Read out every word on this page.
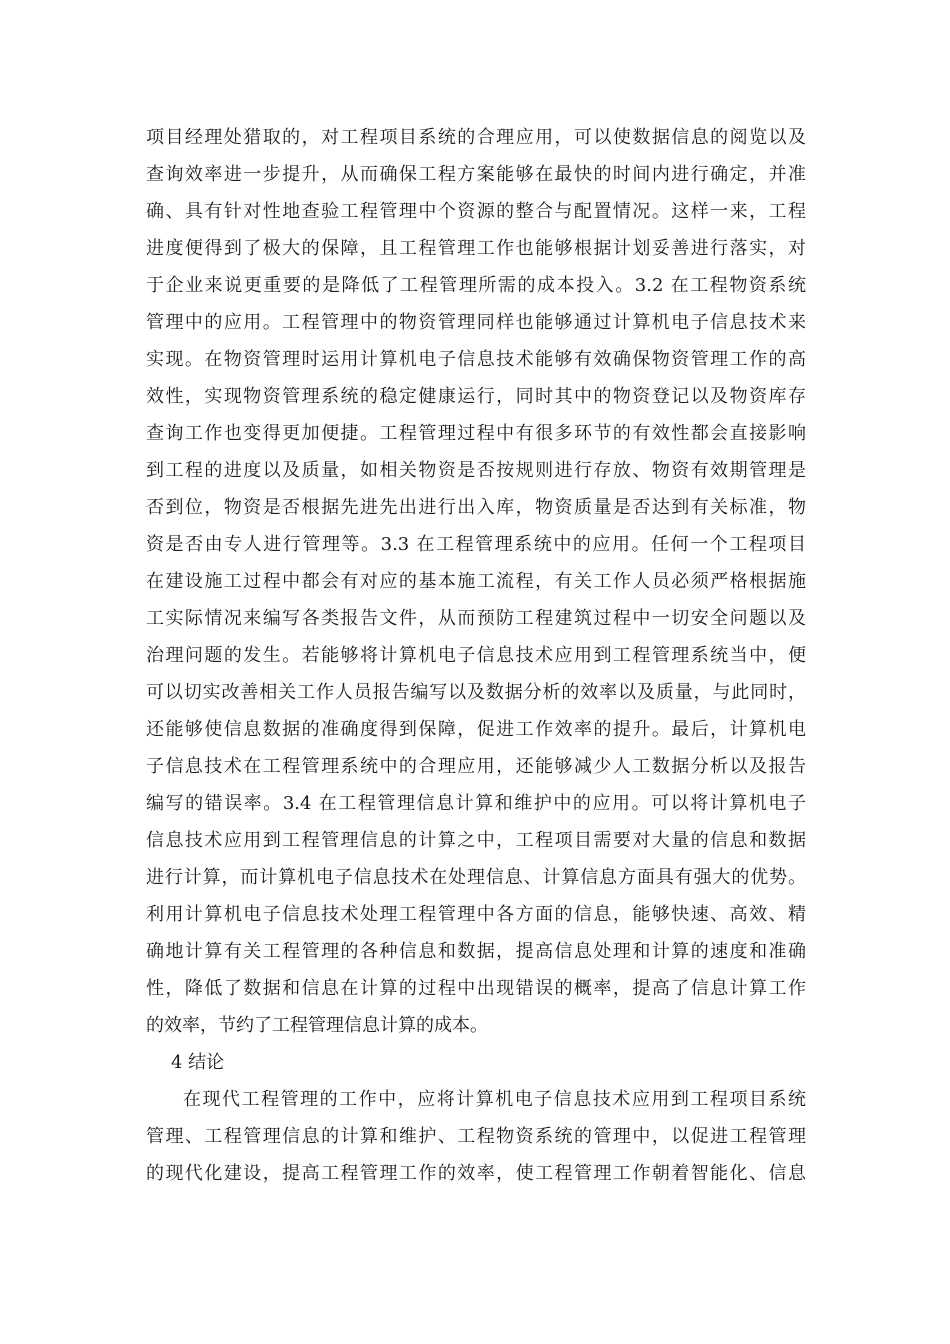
项目经理处猎取的，对工程项目系统的合理应用，可以使数据信息的阅览以及
查询效率进一步提升，从而确保工程方案能够在最快的时间内进行确定，并准
确、具有针对性地查验工程管理中个资源的整合与配置情况。这样一来，工程
进度便得到了极大的保障，且工程管理工作也能够根据计划妥善进行落实，对
于企业来说更重要的是降低了工程管理所需的成本投入。3.2 在工程物资系统
管理中的应用。工程管理中的物资管理同样也能够通过计算机电子信息技术来
实现。在物资管理时运用计算机电子信息技术能够有效确保物资管理工作的高
效性，实现物资管理系统的稳定健康运行，同时其中的物资登记以及物资库存
查询工作也变得更加便捷。工程管理过程中有很多环节的有效性都会直接影响
到工程的进度以及质量，如相关物资是否按规则进行存放、物资有效期管理是
否到位，物资是否根据先进先出进行出入库，物资质量是否达到有关标准，物
资是否由专人进行管理等。3.3 在工程管理系统中的应用。任何一个工程项目
在建设施工过程中都会有对应的基本施工流程，有关工作人员必须严格根据施
工实际情况来编写各类报告文件，从而预防工程建筑过程中一切安全问题以及
治理问题的发生。若能够将计算机电子信息技术应用到工程管理系统当中，便
可以切实改善相关工作人员报告编写以及数据分析的效率以及质量，与此同时，
还能够使信息数据的准确度得到保障，促进工作效率的提升。最后，计算机电
子信息技术在工程管理系统中的合理应用，还能够减少人工数据分析以及报告
编写的错误率。3.4 在工程管理信息计算和维护中的应用。可以将计算机电子
信息技术应用到工程管理信息的计算之中，工程项目需要对大量的信息和数据
进行计算，而计算机电子信息技术在处理信息、计算信息方面具有强大的优势。
利用计算机电子信息技术处理工程管理中各方面的信息，能够快速、高效、精
确地计算有关工程管理的各种信息和数据，提高信息处理和计算的速度和准确
性，降低了数据和信息在计算的过程中出现错误的概率，提高了信息计算工作
的效率，节约了工程管理信息计算的成本。
4 结论
在现代工程管理的工作中，应将计算机电子信息技术应用到工程项目系统
管理、工程管理信息的计算和维护、工程物资系统的管理中，以促进工程管理
的现代化建设，提高工程管理工作的效率，使工程管理工作朝着智能化、信息
